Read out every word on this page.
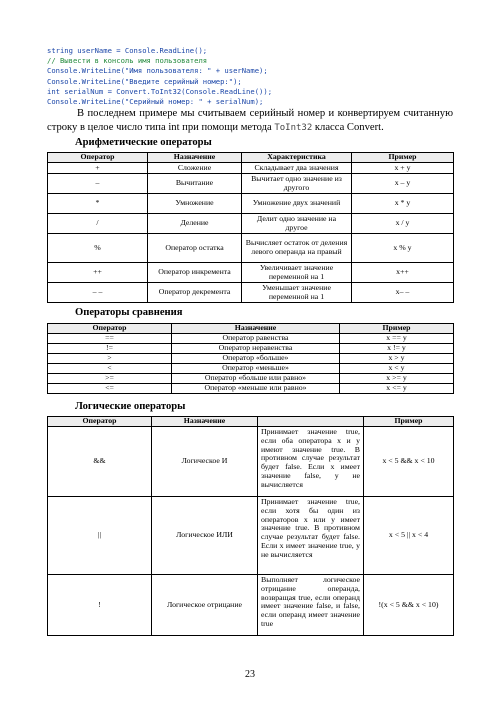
string userName = Console.ReadLine();
// Вывести в консоль имя пользователя
Console.WriteLine("Имя пользователя: " + userName);
Console.WriteLine("Введите серийный номер:");
int serialNum = Convert.ToInt32(Console.ReadLine());
Console.WriteLine("Серийный номер: " + serialNum);

В последнем примере мы считываем серийный номер и конвертируем считанную строку в целое число типа int при помощи метода ToInt32 класса Convert.

Арифметические операторы
Оператор	Назначение	Характеристика	Пример
+	Сложение	Складывает два значения	x + y
–	Вычитание	Вычитает одно значение из другого	x – y
*	Умножение	Умножение двух значений	x * y
/	Деление	Делит одно значение на другое	x / y
%	Оператор остатка	Вычисляет остаток от деления левого операнда на правый	x % y
++	Оператор инкремента	Увеличивает значение переменной на 1	x++
– –	Оператор декремента	Уменьшает значение переменной на 1	x– –
Операторы сравнения
Оператор	Назначение	Пример
==	Оператор равенства	x == y
!=	Оператор неравенства	x != y
>	Оператор «больше»	x > y
<	Оператор «меньше»	x < y
>=	Оператор «больше или равно»	x >= y
<=	Оператор «меньше или равно»	x <= y
Логические операторы
Оператор	Назначение		Пример
&&	Логическое И	Принимает значение true, если оба оператора x и y имеют значение true. В противном случае результат будет false. Если x имеет значение false, y не вычисляется	x < 5 && x < 10
||	Логическое ИЛИ	Принимает значение true, если хотя бы один из операторов x или y имеет значение true. В противном случае результат будет false. Если x имеет значение true, y не вычисляется	x < 5 || x < 4
!	Логическое отрицание	Выполняет логическое отрицание операнда, возвращая true, если операнд имеет значение false, и false, если операнд имеет значение true	!(x < 5 && x < 10)
23
